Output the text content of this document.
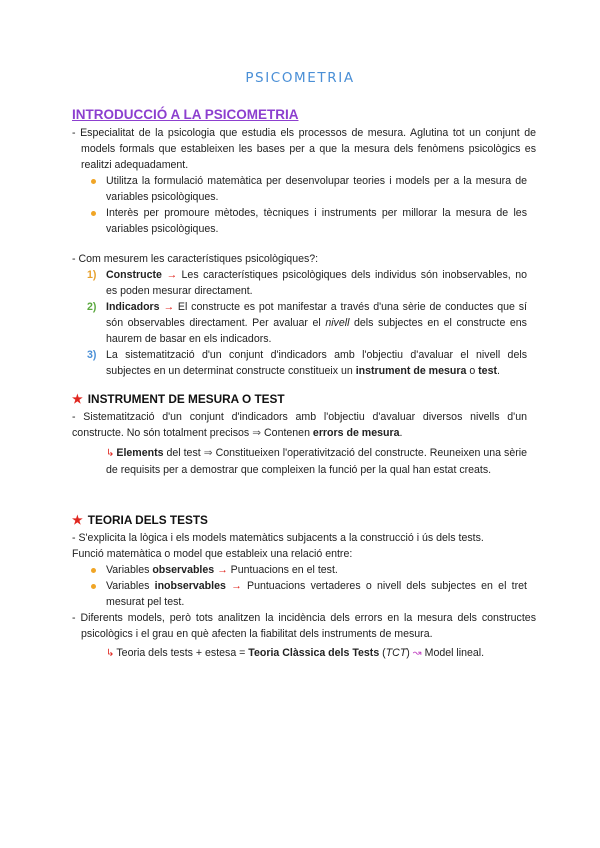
PSICOMETRIA
INTRODUCCIÓ A LA PSICOMETRIA

- Especialitat de la psicologia que estudia els processos de mesura. Aglutina tot un conjunt de models formals que estableixen les bases per a que la mesura dels fenòmens psicològics es realitzi adequadament.

Utilitza la formulació matemàtica per desenvolupar teories i models per a la mesura de variables psicològiques.
Interès per promoure mètodes, tècniques i instruments per millorar la mesura de les variables psicològiques.

- Com mesurem les característiques psicològiques?:

1) Constructe → Les característiques psicològiques dels individus són inobservables, no es poden mesurar directament.
2) Indicadors → El constructe es pot manifestar a través d'una sèrie de conductes que sí són observables directament. Per avaluar el nivell dels subjectes en el constructe ens haurem de basar en els indicadors.
3) La sistematització d'un conjunt d'indicadors amb l'objectiu d'avaluar el nivell dels subjectes en un determinat constructe constitueix un instrument de mesura o test.
★ INSTRUMENT DE MESURA O TEST

- Sistematització d'un conjunt d'indicadors amb l'objectiu d'avaluar diversos nivells d'un constructe. No són totalment precisos ⇒ Contenen errors de mesura.

↳ Elements del test ⇒ Constitueixen l'operativització del constructe. Reuneixen una sèrie de requisits per a demostrar que compleixen la funció per la qual han estat creats.

★ TEORIA DELS TESTS

- S'explicita la lògica i els models matemàtics subjacents a la construcció i ús dels tests.

Funció matemàtica o model que estableix una relació entre:

Variables observables → Puntuacions en el test.
Variables inobservables → Puntuacions vertaderes o nivell dels subjectes en el tret mesurat pel test.

- Diferents models, però tots analitzen la incidència dels errors en la mesura dels constructes psicològics i el grau en què afecten la fiabilitat dels instruments de mesura.

↳ Teoria dels tests + estesa = Teoria Clàssica dels Tests (TCT) ↝ Model lineal.
